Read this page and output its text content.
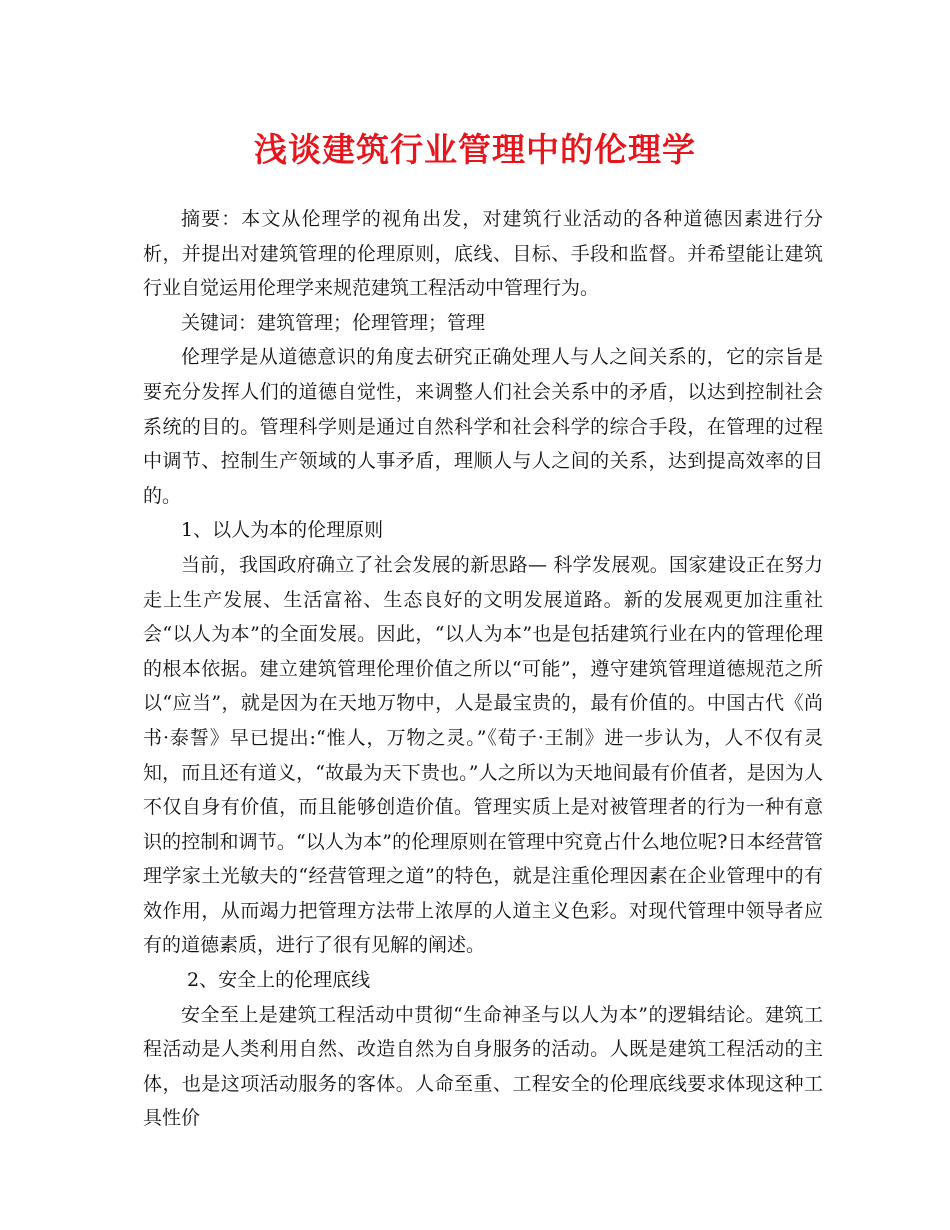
浅谈建筑行业管理中的伦理学

摘要：本文从伦理学的视角出发，对建筑行业活动的各种道德因素进行分析，并提出对建筑管理的伦理原则，底线、目标、手段和监督。并希望能让建筑行业自觉运用伦理学来规范建筑工程活动中管理行为。

关键词：建筑管理；伦理管理；管理

伦理学是从道德意识的角度去研究正确处理人与人之间关系的，它的宗旨是要充分发挥人们的道德自觉性，来调整人们社会关系中的矛盾，以达到控制社会系统的目的。管理科学则是通过自然科学和社会科学的综合手段，在管理的过程中调节、控制生产领域的人事矛盾，理顺人与人之间的关系，达到提高效率的目的。

1、以人为本的伦理原则

当前，我国政府确立了社会发展的新思路— 科学发展观。国家建设正在努力走上生产发展、生活富裕、生态良好的文明发展道路。新的发展观更加注重社会“以人为本”的全面发展。因此，“以人为本”也是包括建筑行业在内的管理伦理的根本依据。建立建筑管理伦理价值之所以“可能”，遵守建筑管理道德规范之所以“应当”，就是因为在天地万物中，人是最宝贵的，最有价值的。中国古代《尚书·泰誓》早已提出:“惟人，万物之灵。”《荀子·王制》进一步认为，人不仅有灵知，而且还有道义，“故最为天下贵也。”人之所以为天地间最有价值者，是因为人不仅自身有价值，而且能够创造价值。管理实质上是对被管理者的行为一种有意识的控制和调节。“以人为本”的伦理原则在管理中究竟占什么地位呢?日本经营管理学家土光敏夫的“经营管理之道”的特色，就是注重伦理因素在企业管理中的有效作用，从而竭力把管理方法带上浓厚的人道主义色彩。对现代管理中领导者应有的道德素质，进行了很有见解的阐述。

2、安全上的伦理底线

安全至上是建筑工程活动中贯彻“生命神圣与以人为本”的逻辑结论。建筑工程活动是人类利用自然、改造自然为自身服务的活动。人既是建筑工程活动的主体，也是这项活动服务的客体。人命至重、工程安全的伦理底线要求体现这种工具性价
